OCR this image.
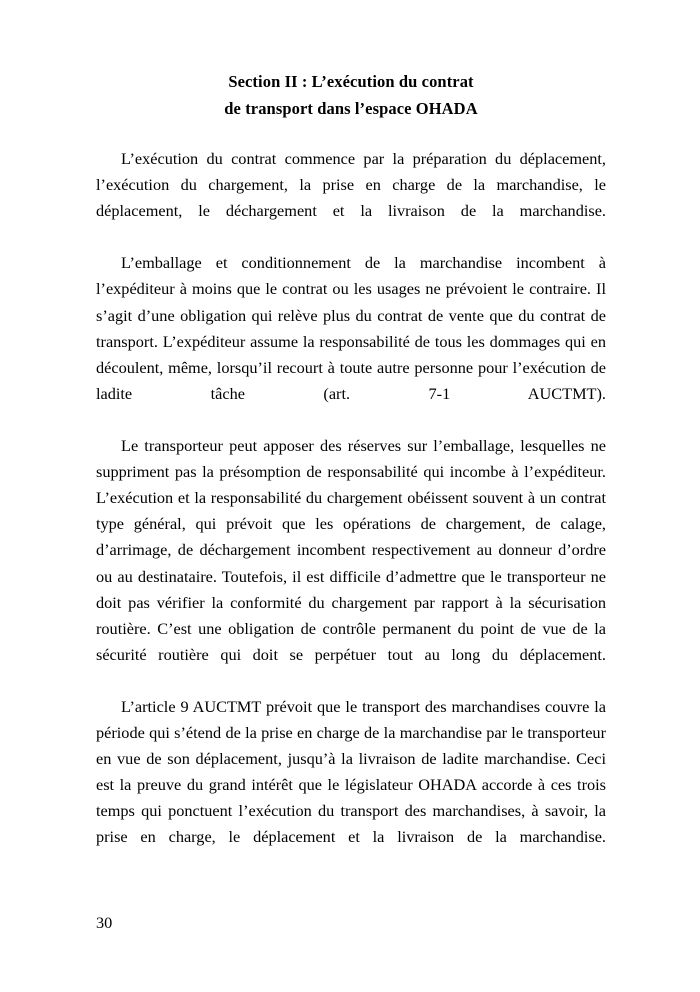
Section II : L’exécution du contrat
de transport dans l’espace OHADA

L’exécution du contrat commence par la préparation du déplacement, l’exécution du chargement, la prise en charge de la marchandise, le déplacement, le déchargement et la livraison de la marchandise.

L’emballage et conditionnement de la marchandise incombent à l’expéditeur à moins que le contrat ou les usages ne prévoient le contraire. Il s’agit d’une obligation qui relève plus du contrat de vente que du contrat de transport. L’expéditeur assume la responsabilité de tous les dommages qui en découlent, même, lorsqu’il recourt à toute autre personne pour l’exécution de ladite tâche (art. 7-1 AUCTMT).

Le transporteur peut apposer des réserves sur l’emballage, lesquelles ne suppriment pas la présomption de responsabilité qui incombe à l’expéditeur. L’exécution et la responsabilité du chargement obéissent souvent à un contrat type général, qui prévoit que les opérations de chargement, de calage, d’arrimage, de déchargement incombent respectivement au donneur d’ordre ou au destinataire. Toutefois, il est difficile d’admettre que le transporteur ne doit pas vérifier la conformité du chargement par rapport à la sécurisation routière. C’est une obligation de contrôle permanent du point de vue de la sécurité routière qui doit se perpétuer tout au long du déplacement.

L’article 9 AUCTMT prévoit que le transport des marchandises couvre la période qui s’étend de la prise en charge de la marchandise par le transporteur en vue de son déplacement, jusqu’à la livraison de ladite marchandise. Ceci est la preuve du grand intérêt que le législateur OHADA accorde à ces trois temps qui ponctuent l’exécution du transport des marchandises, à savoir, la prise en charge, le déplacement et la livraison de la marchandise.

30
